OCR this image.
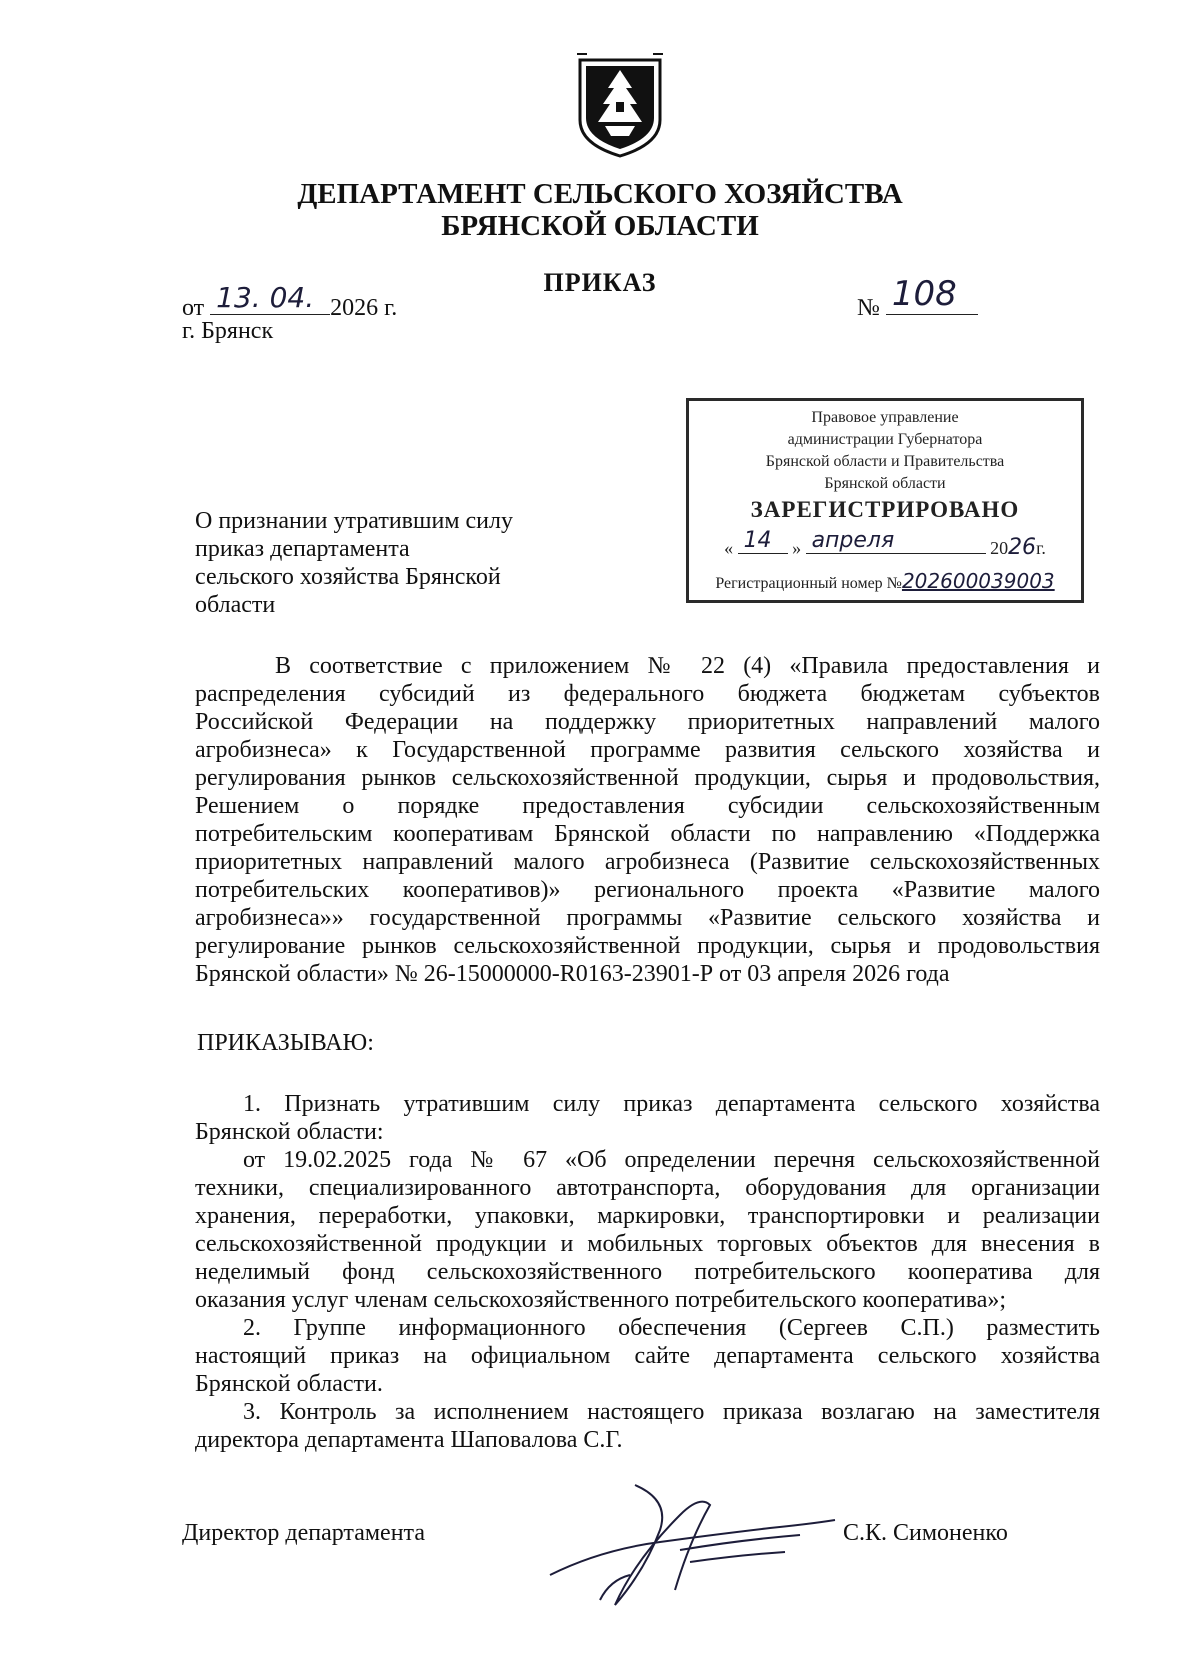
ДЕПАРТАМЕНТ СЕЛЬСКОГО ХОЗЯЙСТВА
БРЯНСКОЙ ОБЛАСТИ
ПРИКАЗ
от 13. 04. 2026 г.
г. Брянск
№ 108
Правовое управление
администрации Губернатора
Брянской области и Правительства
Брянской области
ЗАРЕГИСТРИРОВАНО
« 14 » апреля	2026г.
Регистрационный номер №202600039003
О признании утратившим силу
приказ департамента
сельского хозяйства Брянской
области
В соответствие с приложением № 22 (4) «Правила предоставления и
распределения субсидий из федерального бюджета бюджетам субъектов
Российской Федерации на поддержку приоритетных направлений малого
агробизнеса» к Государственной программе развития сельского хозяйства и
регулирования рынков сельскохозяйственной продукции, сырья и продовольствия,
Решением о порядке предоставления субсидии сельскохозяйственным
потребительским кооперативам Брянской области по направлению «Поддержка
приоритетных направлений малого агробизнеса (Развитие сельскохозяйственных
потребительских кооперативов)» регионального проекта «Развитие малого
агробизнеса»» государственной программы «Развитие сельского хозяйства и
регулирование рынков сельскохозяйственной продукции, сырья и продовольствия
Брянской области» № 26-15000000-R0163-23901-Р от 03 апреля 2026 года
ПРИКАЗЫВАЮ:
1. Признать утратившим силу приказ департамента сельского хозяйства
Брянской области:
от 19.02.2025 года № 67 «Об определении перечня сельскохозяйственной
техники, специализированного автотранспорта, оборудования для организации
хранения, переработки, упаковки, маркировки, транспортировки и реализации
сельскохозяйственной продукции и мобильных торговых объектов для внесения в
неделимый фонд сельскохозяйственного потребительского кооператива для
оказания услуг членам сельскохозяйственного потребительского кооператива»;
2. Группе информационного обеспечения (Сергеев С.П.) разместить
настоящий приказ на официальном сайте департамента сельского хозяйства
Брянской области.
3. Контроль за исполнением настоящего приказа возлагаю на заместителя
директора департамента Шаповалова С.Г.
Директор департамента	С.К. Симоненко
